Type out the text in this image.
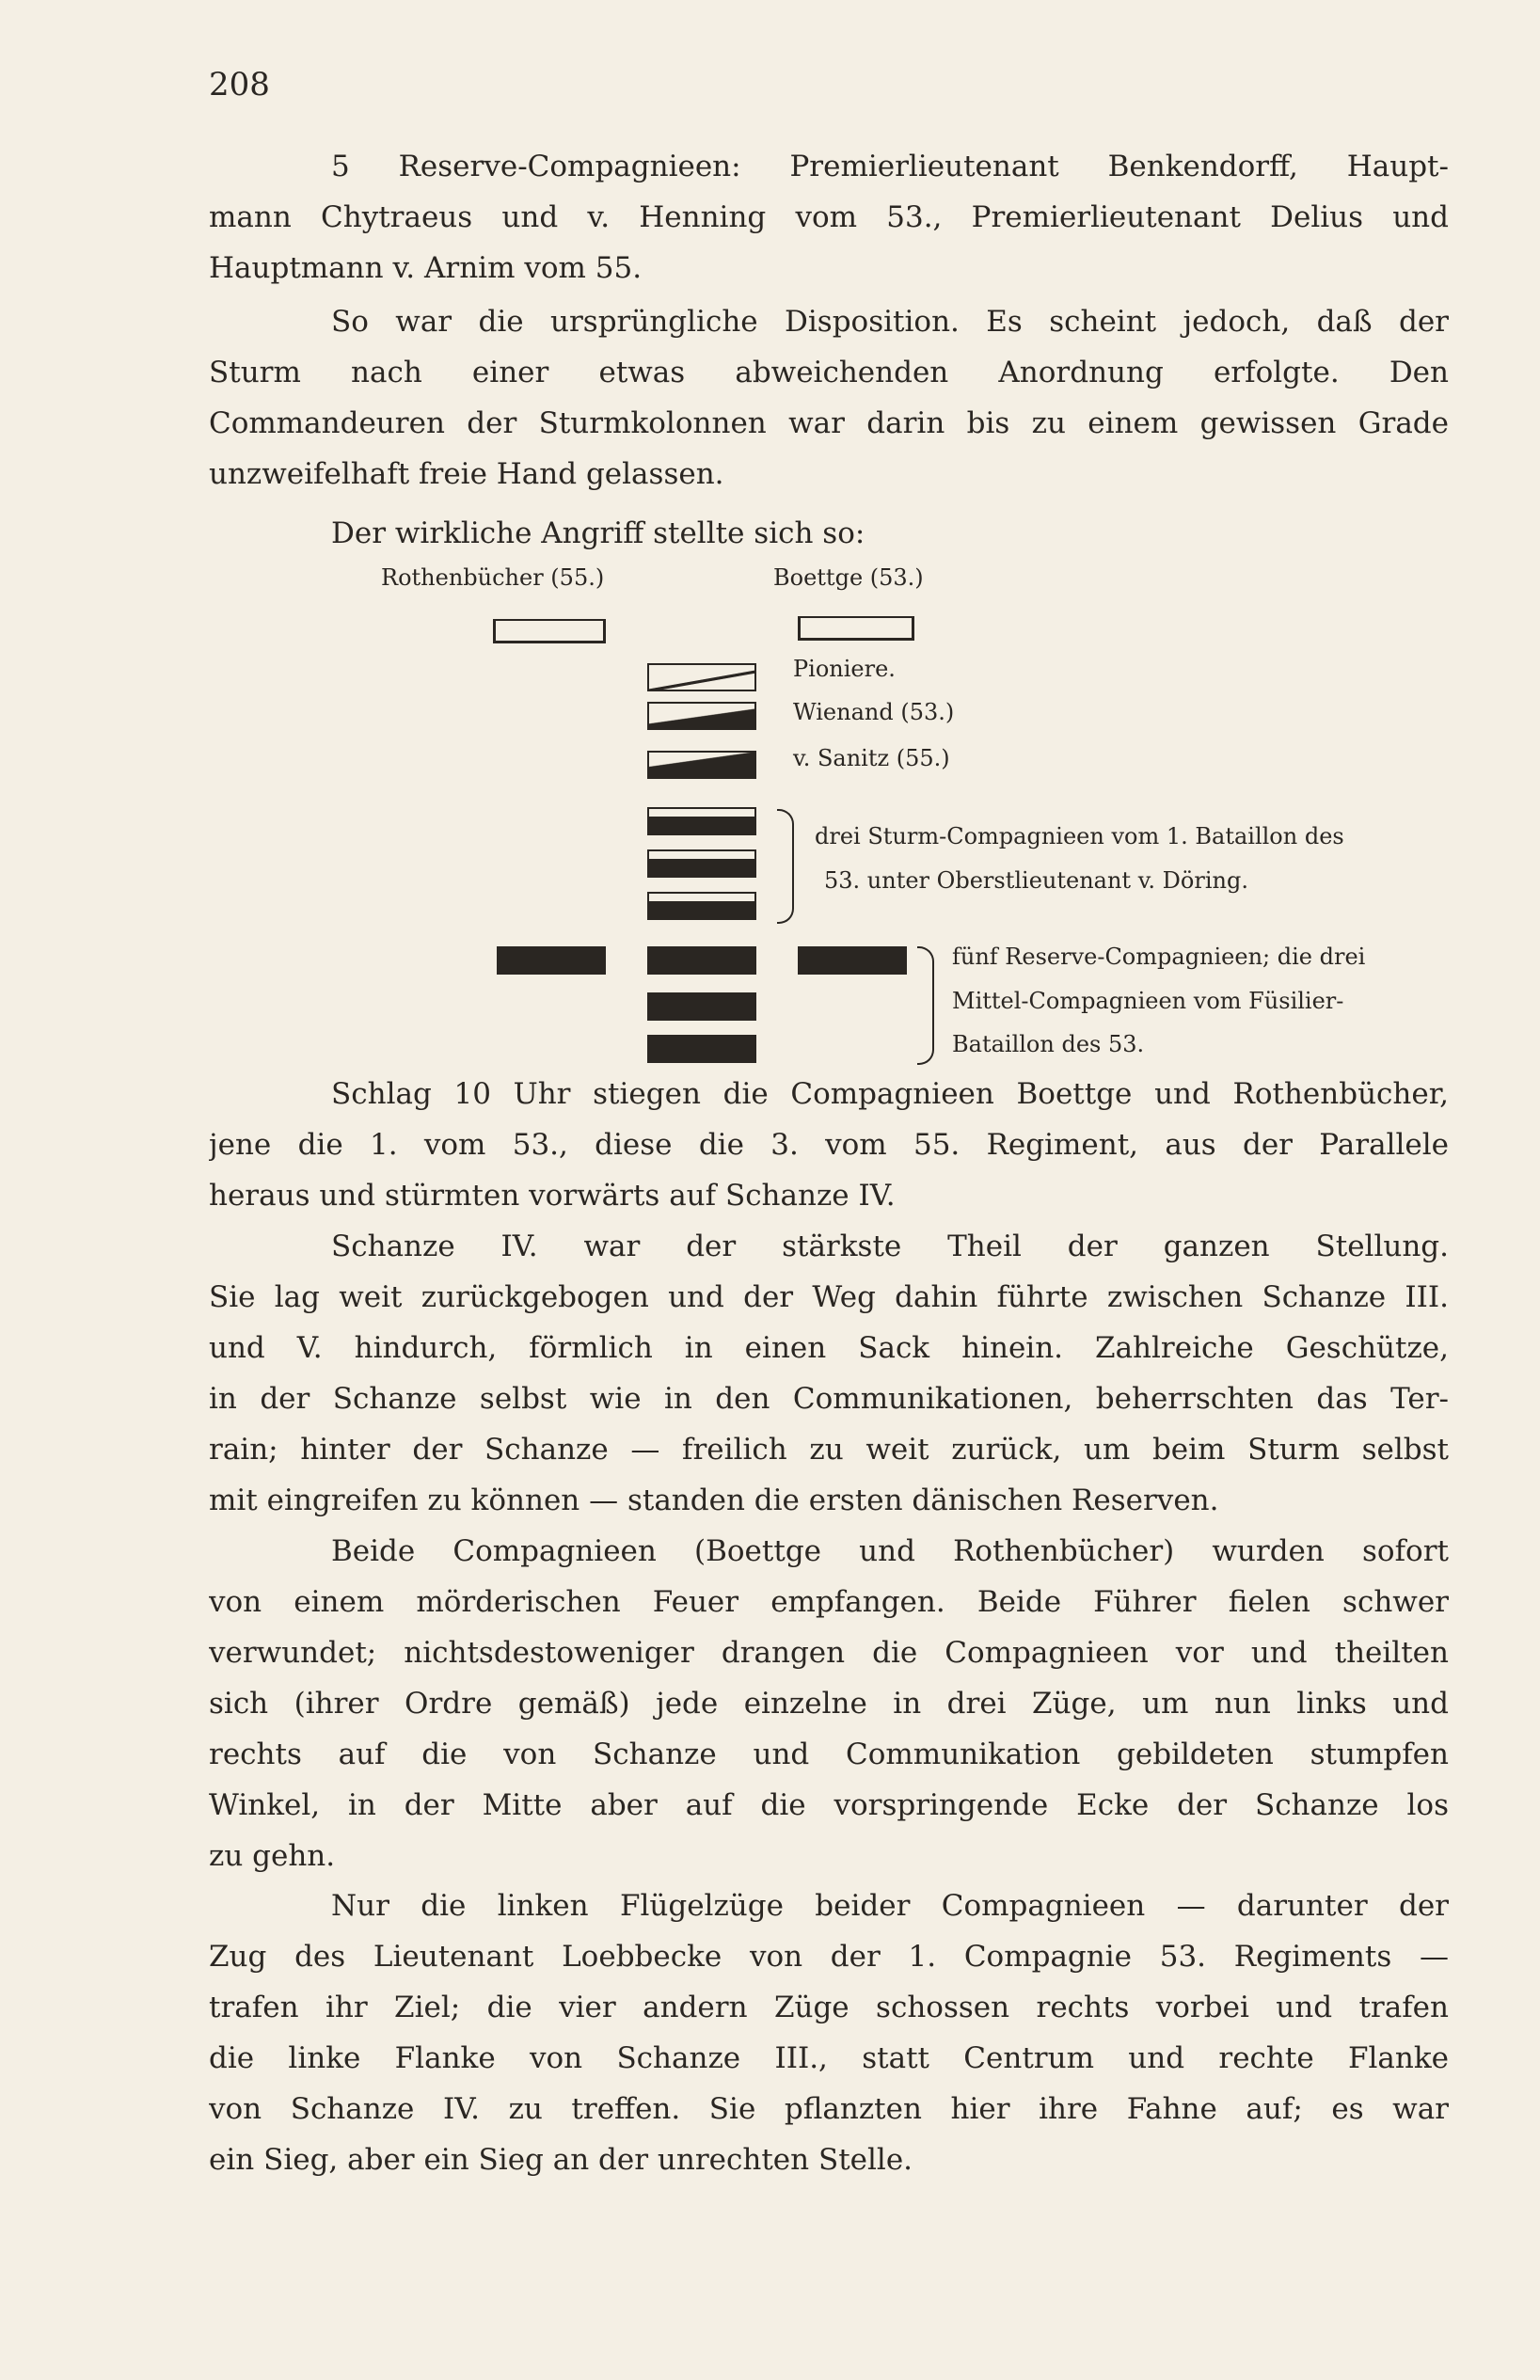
208
5 Reserve-Compagnieen: Premierlieutenant Benkendorff, Haupt-
mann Chytraeus und v. Henning vom 53., Premierlieutenant Delius und
Hauptmann v. Arnim vom 55.
So war die ursprüngliche Disposition. Es scheint jedoch, daß der
Sturm nach einer etwas abweichenden Anordnung erfolgte. Den
Commandeuren der Sturmkolonnen war darin bis zu einem gewissen Grade
unzweifelhaft freie Hand gelassen.
Der wirkliche Angriff stellte sich so:
Rothenbücher (55.)	Boettge (53.)
Pioniere.
Wienand (53.)
v. Sanitz (55.)
drei Sturm-Compagnieen vom 1. Bataillon des
53. unter Oberstlieutenant v. Döring.
fünf Reserve-Compagnieen; die drei
Mittel-Compagnieen vom Füsilier-
Bataillon des 53.
Schlag 10 Uhr stiegen die Compagnieen Boettge und Rothenbücher,
jene die 1. vom 53., diese die 3. vom 55. Regiment, aus der Parallele
heraus und stürmten vorwärts auf Schanze IV.
Schanze IV. war der stärkste Theil der ganzen Stellung.
Sie lag weit zurückgebogen und der Weg dahin führte zwischen Schanze III.
und V. hindurch, förmlich in einen Sack hinein. Zahlreiche Geschütze,
in der Schanze selbst wie in den Communikationen, beherrschten das Ter-
rain; hinter der Schanze — freilich zu weit zurück, um beim Sturm selbst
mit eingreifen zu können — standen die ersten dänischen Reserven.
Beide Compagnieen (Boettge und Rothenbücher) wurden sofort
von einem mörderischen Feuer empfangen. Beide Führer fielen schwer
verwundet; nichtsdestoweniger drangen die Compagnieen vor und theilten
sich (ihrer Ordre gemäß) jede einzelne in drei Züge, um nun links und
rechts auf die von Schanze und Communikation gebildeten stumpfen
Winkel, in der Mitte aber auf die vorspringende Ecke der Schanze los
zu gehn.
Nur die linken Flügelzüge beider Compagnieen — darunter der
Zug des Lieutenant Loebbecke von der 1. Compagnie 53. Regiments —
trafen ihr Ziel; die vier andern Züge schossen rechts vorbei und trafen
die linke Flanke von Schanze III., statt Centrum und rechte Flanke
von Schanze IV. zu treffen. Sie pflanzten hier ihre Fahne auf; es war
ein Sieg, aber ein Sieg an der unrechten Stelle.
